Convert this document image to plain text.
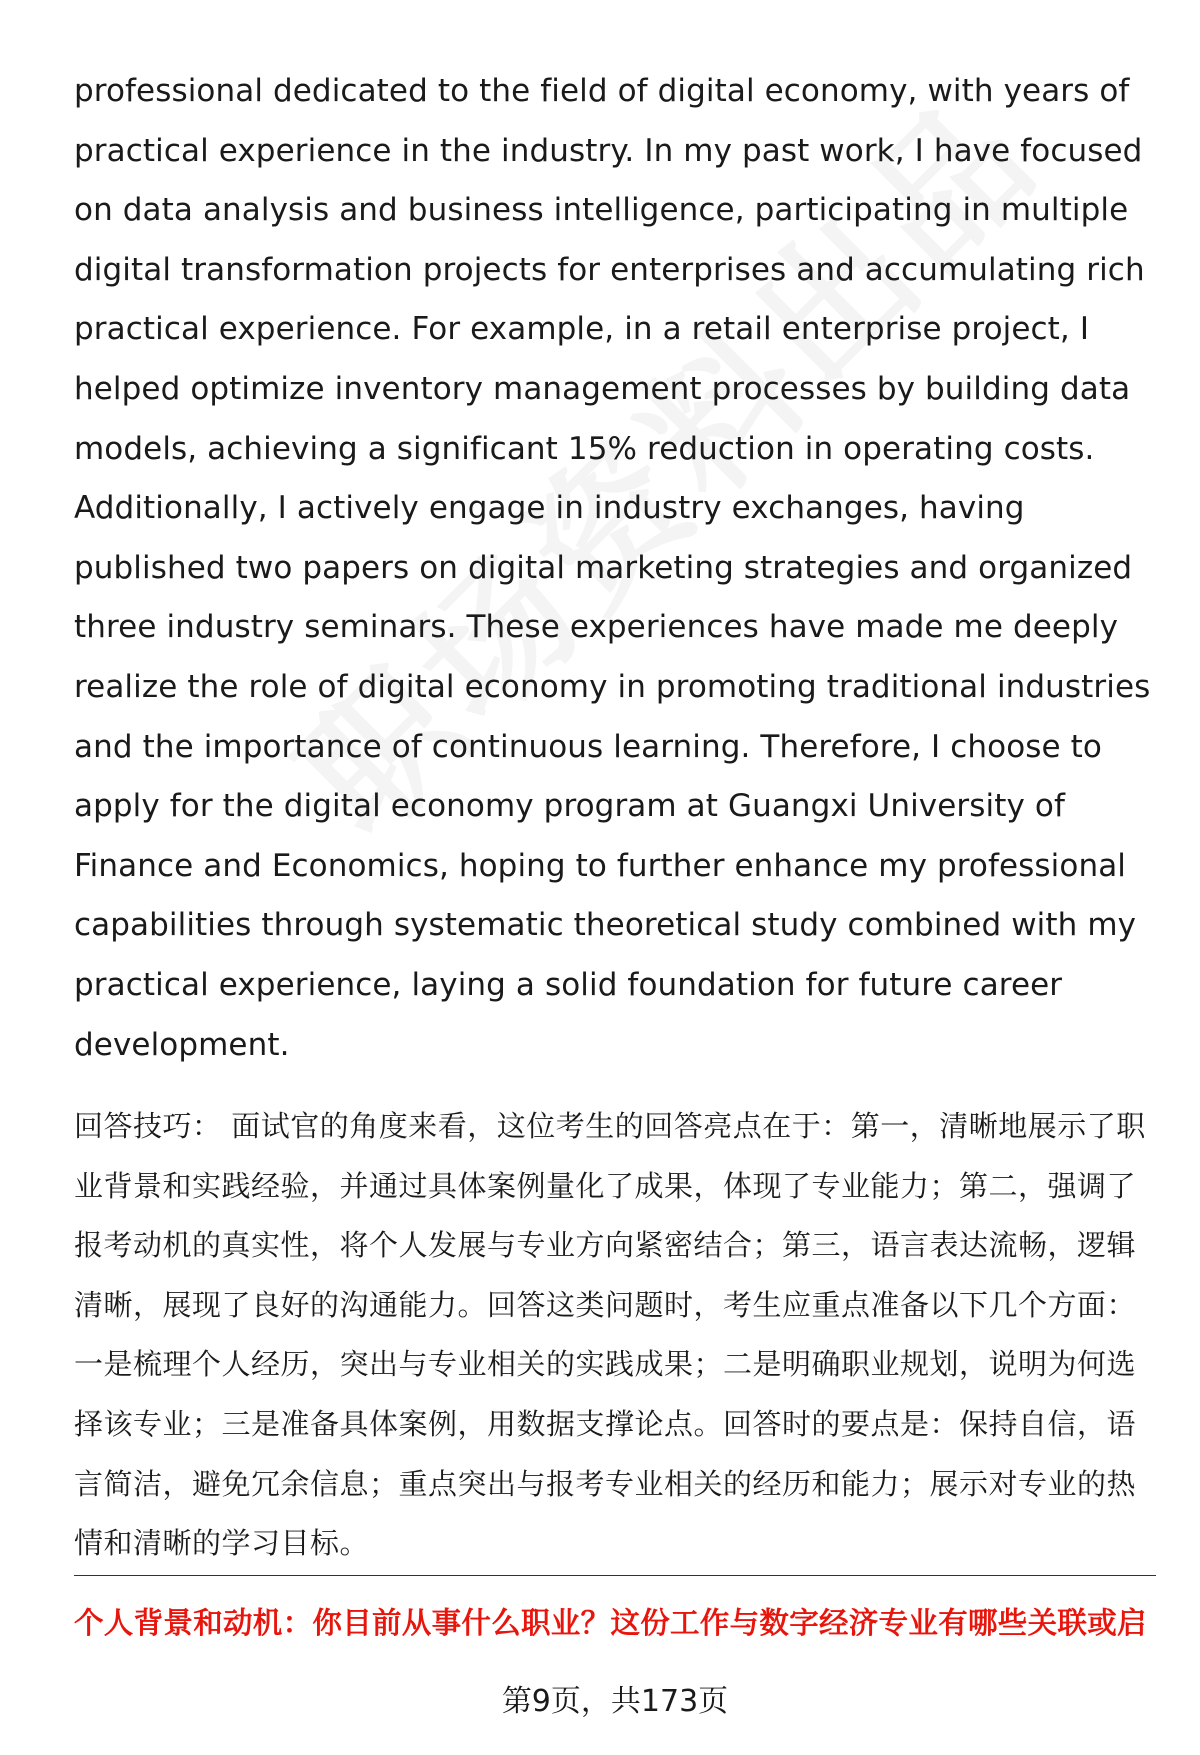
professional dedicated to the field of digital economy, with years of practical experience in the industry. In my past work, I have focused on data analysis and business intelligence, participating in multiple digital transformation projects for enterprises and accumulating rich practical experience. For example, in a retail enterprise project, I helped optimize inventory management processes by building data models, achieving a significant 15% reduction in operating costs. Additionally, I actively engage in industry exchanges, having published two papers on digital marketing strategies and organized three industry seminars. These experiences have made me deeply realize the role of digital economy in promoting traditional industries and the importance of continuous learning. Therefore, I choose to apply for the digital economy program at Guangxi University of Finance and Economics, hoping to further enhance my professional capabilities through systematic theoretical study combined with my practical experience, laying a solid foundation for future career development.

回答技巧： 面试官的角度来看，这位考生的回答亮点在于：第一，清晰地展示了职业背景和实践经验，并通过具体案例量化了成果，体现了专业能力；第二，强调了报考动机的真实性，将个人发展与专业方向紧密结合；第三，语言表达流畅，逻辑清晰，展现了良好的沟通能力。回答这类问题时，考生应重点准备以下几个方面：一是梳理个人经历，突出与专业相关的实践成果；二是明确职业规划，说明为何选择该专业；三是准备具体案例，用数据支撑论点。回答时的要点是：保持自信，语言简洁，避免冗余信息；重点突出与报考专业相关的经历和能力；展示对专业的热情和清晰的学习目标。

个人背景和动机：你目前从事什么职业？这份工作与数字经济专业有哪些关联或启
第9页，共173页
